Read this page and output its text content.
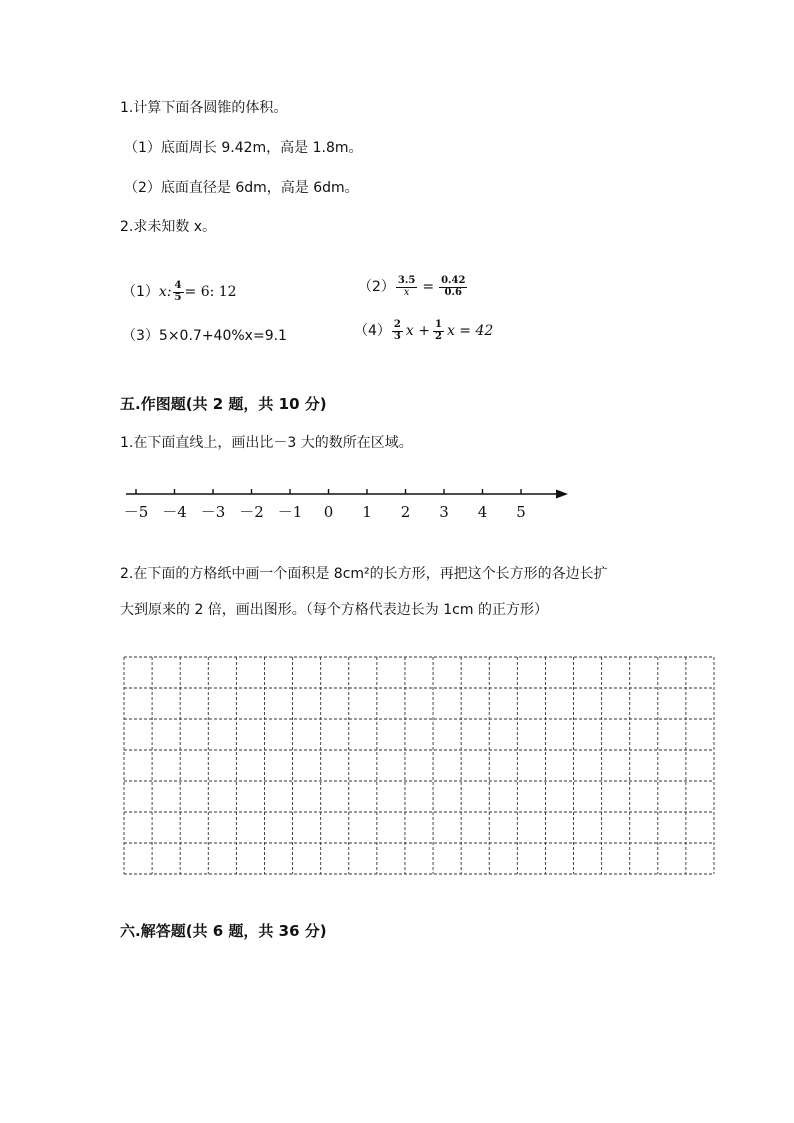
1.计算下面各圆锥的体积。
（1）底面周长 9.42m，高是 1.8m。
（2）底面直径是 6dm，高是 6dm。
2.求未知数 x。
（1）x: $\frac{4}{5} = 6$: 12	$(2) \frac{3.5}{x} = \frac{0.42}{0.6}$
（3）5×0.7+40%x=9.1	$(4) \frac{2}{3}$ $x + \frac{1}{2}$ x = 42
五.作图题(共 2 题，共 10 分)
1.在下面直线上，画出比－3 大的数所在区域。
－5 －4 －3 －2 －1 0 1 2 3 4 5
2.在下面的方格纸中画一个面积是 8cm²的长方形，再把这个长方形的各边长扩
大到原来的 2 倍，画出图形。（每个方格代表边长为 1cm 的正方形）
六.解答题(共 6 题，共 36 分)
